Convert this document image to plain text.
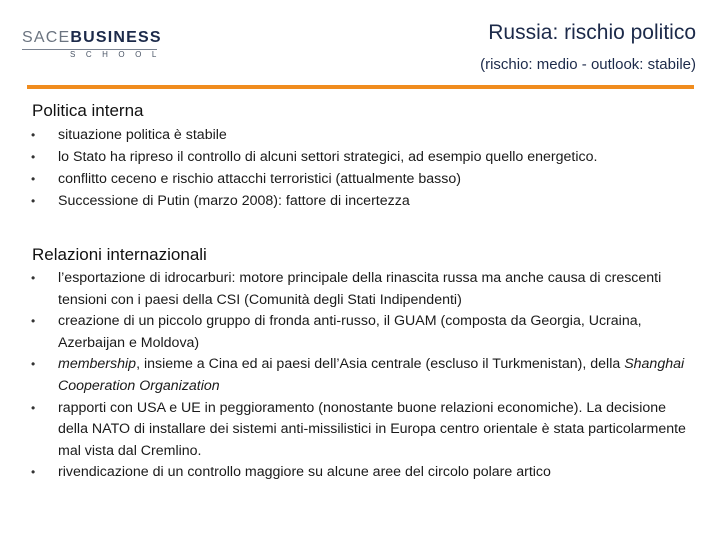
SACEBUSINESS
SCHOOL
Russia: rischio politico
(rischio: medio - outlook: stabile)
Politica interna
• situazione politica è stabile
• lo Stato ha ripreso il controllo di alcuni settori strategici, ad esempio quello energetico.
• conflitto ceceno e rischio attacchi terroristici (attualmente basso)
• Successione di Putin (marzo 2008): fattore di incertezza
Relazioni internazionali
• l’esportazione di idrocarburi: motore principale della rinascita russa ma anche causa di crescenti tensioni con i paesi della CSI (Comunità degli Stati Indipendenti)
• creazione di un piccolo gruppo di fronda anti-russo, il GUAM (composta da Georgia, Ucraina, Azerbaijan e Moldova)
• membership, insieme a Cina ed ai paesi dell’Asia centrale (escluso il Turkmenistan), della Shanghai Cooperation Organization
• rapporti con USA e UE in peggioramento (nonostante buone relazioni economiche). La decisione della NATO di installare dei sistemi anti-missilistici in Europa centro orientale è stata particolarmente mal vista dal Cremlino.
• rivendicazione di un controllo maggiore su alcune aree del circolo polare artico
